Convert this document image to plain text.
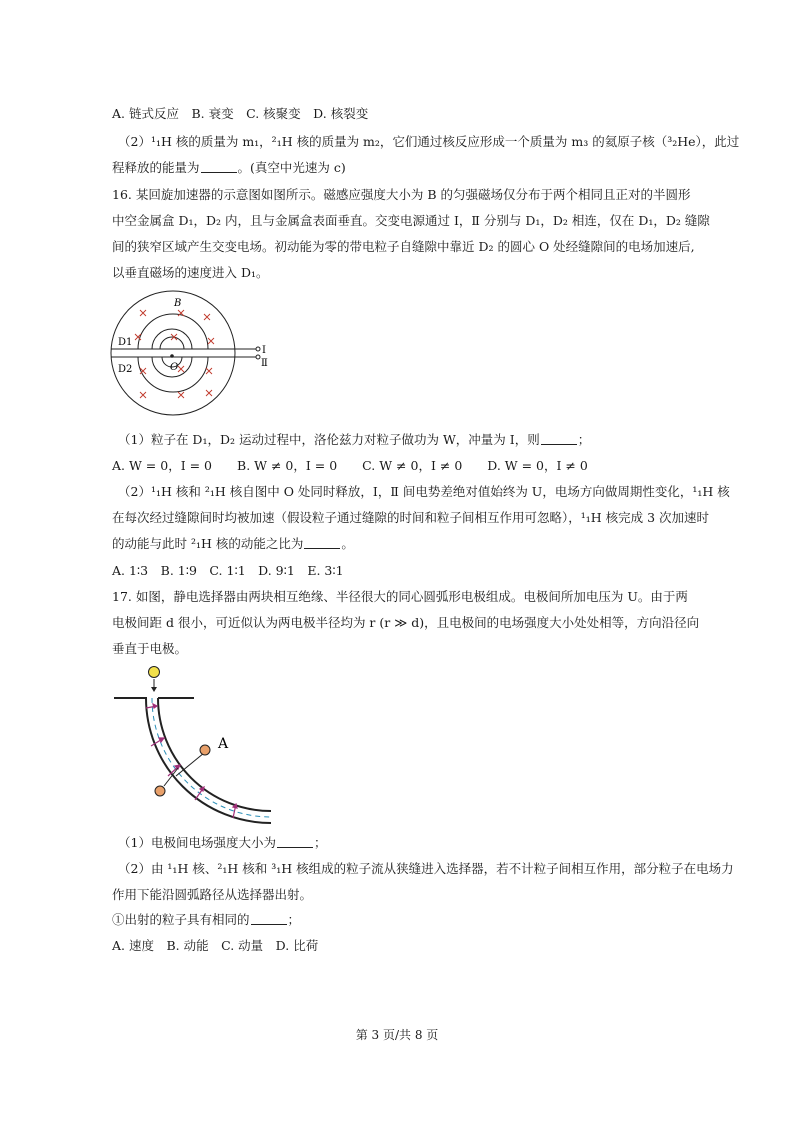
A. 链式反应　B. 衰变　C. 核聚变　D. 核裂变
（2）¹₁H 核的质量为 m₁，²₁H 核的质量为 m₂，它们通过核反应形成一个质量为 m₃ 的氦原子核（³₂He），此过
程释放的能量为	。(真空中光速为 c)
16. 某回旋加速器的示意图如图所示。磁感应强度大小为 B 的匀强磁场仅分布于两个相同且正对的半圆形
中空金属盒 D₁，D₂ 内，且与金属盒表面垂直。交变电源通过 Ⅰ，Ⅱ 分别与 D₁，D₂ 相连，仅在 D₁，D₂ 缝隙
间的狭窄区域产生交变电场。初动能为零的带电粒子自缝隙中靠近 D₂ 的圆心 O 处经缝隙间的电场加速后,
以垂直磁场的速度进入 D₁。
B
D1
D2	O
Ⅰ
Ⅱ
（1）粒子在 D₁，D₂ 运动过程中，洛伦兹力对粒子做功为 W，冲量为 I，则	；
A. W = 0，I = 0　　B. W ≠ 0，I = 0　　C. W ≠ 0，I ≠ 0　　D. W = 0，I ≠ 0
（2）¹₁H 核和 ²₁H 核自图中 O 处同时释放，Ⅰ，Ⅱ 间电势差绝对值始终为 U，电场方向做周期性变化，¹₁H 核
在每次经过缝隙间时均被加速（假设粒子通过缝隙的时间和粒子间相互作用可忽略），¹₁H 核完成 3 次加速时
的动能与此时 ²₁H 核的动能之比为	。
A. 1∶3　B. 1∶9　C. 1∶1　D. 9∶1　E. 3∶1
17. 如图，静电选择器由两块相互绝缘、半径很大的同心圆弧形电极组成。电极间所加电压为 U。由于两
电极间距 d 很小，可近似认为两电极半径均为 r (r ≫ d)，且电极间的电场强度大小处处相等，方向沿径向
垂直于电极。
A
（1）电极间电场强度大小为	；
（2）由 ¹₁H 核、²₁H 核和 ³₁H 核组成的粒子流从狭缝进入选择器，若不计粒子间相互作用，部分粒子在电场力
作用下能沿圆弧路径从选择器出射。
①出射的粒子具有相同的	；
A. 速度　B. 动能　C. 动量　D. 比荷
第 3 页/共 8 页
